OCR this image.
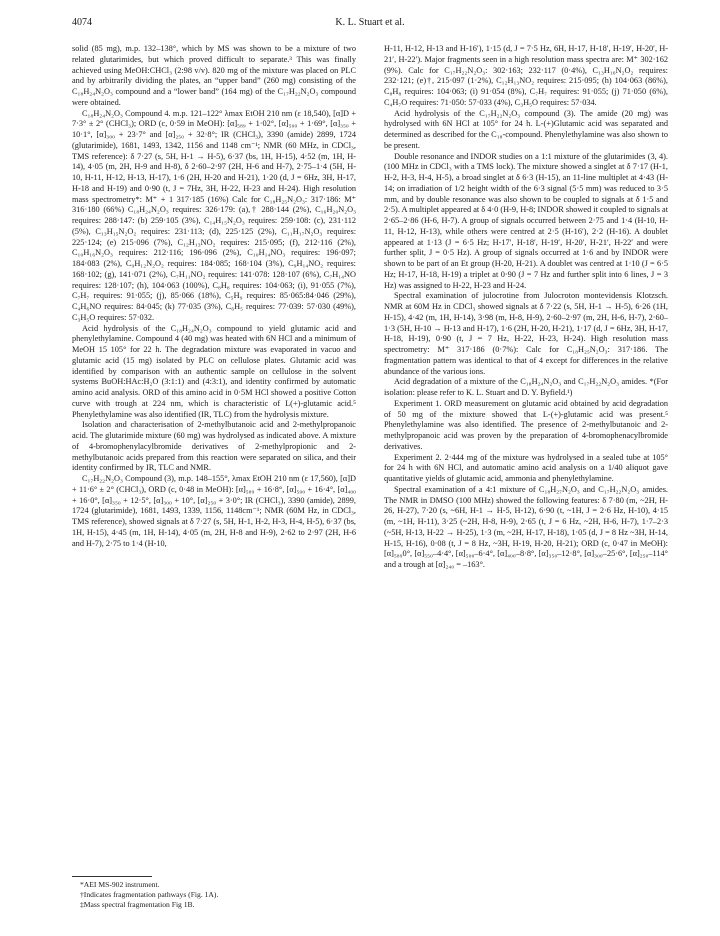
4074	K. L. Stuart et al.

solid (85 mg), m.p. 132–138°, which by MS was shown to be a mixture of two related glutarimides, but which proved difficult to separate.³ This was finally achieved using MeOH:CHCl₃ (2:98 v/v). 820 mg of the mixture was placed on PLC and by arbitrarily dividing the plates, an “upper band” (260 mg) consisting of the C₁₈H₂₄N₂O₃ compound and a “lower band” (164 mg) of the C₁₇H₂₂N₂O₃ compound were obtained.

C₁₈H₂₄N₂O₃ Compound 4. m.p. 121–122° λmax EtOH 210 nm (ε 18,540), [α]D + 7·3° ± 2° (CHCl₃); ORD (c, 0·59 in MeOH): [α]₅₈₉ + 1·02°, [α]₅₀₀ + 1·69°, [α]₃₅₀ + 10·1°, [α]₃₀₀ + 23·7° and [α]₂₅₀ + 32·8°; IR (CHCl₃), 3390 (amide) 2899, 1724 (glutarimide), 1681, 1493, 1342, 1156 and 1148 cm⁻¹; NMR (60 MHz, in CDCl₃, TMS reference): δ 7·27 (s, 5H, H-1 → H-5), 6·37 (bs, 1H, H-15), 4·52 (m, 1H, H-14), 4·05 (m, 2H, H-9 and H-8), δ 2·60–2·97 (2H, H-6 and H-7), 2·75–1·4 (5H, H-10, H-11, H-12, H-13, H-17), 1·6 (2H, H-20 and H-21), 1·20 (d, J = 6Hz, 3H, H-17, H-18 and H-19) and 0·90 (t, J = 7Hz, 3H, H-22, H-23 and H-24). High resolution mass spectrometry*: M⁺ + 1 317·185 (16%) Calc for C₁₈H₂₅N₂O₃: 317·186: M⁺ 316·180 (66%) C₁₈H₂₄N₂O₃ requires: 326·179: (a),† 288·144 (2%), C₁₆H₂₀N₂O₃ requires: 288·147: (b) 259·105 (3%), C₁₄H₁₅N₂O₃ requires: 259·108: (c), 231·112 (5%), C₁₃H₁₅N₂O₂ requires: 231·113; (d), 225·125 (2%), C₁₁H₁₇N₂O₃ requires: 225·124; (e) 215·096 (7%), C₁₂H₁₃NO₂ requires: 215·095; (f), 212·116 (2%), C₁₀H₁₆N₂O₃ requires: 212·116; 196·096 (2%), C₁₀H₁₄NO₃ requires: 196·097; 184·083 (2%), C₉H₁₂N₂O₂ requires: 184·085; 168·104 (3%), C₉H₁₄NO₂ requires: 168·102; (g), 141·071 (2%), C₇H₁₁NO₂ requires: 141·078: 128·107 (6%), C₇H₁₄NO requires: 128·107; (h), 104·063 (100%), C₈H₈ requires: 104·063; (i), 91·055 (7%), C₇H₇ requires: 91·055; (j), 85·066 (18%), C₅H₉ requires: 85·065:84·046 (29%), C₄H₆NO requires: 84·045; (k) 77·035 (3%), C₆H₅ requires: 77·039: 57·030 (49%), C₃H₅O requires: 57·032.

Acid hydrolysis of the C₁₈H₂₄N₂O₃ compound to yield glutamic acid and phenylethylamine. Compound 4 (40 mg) was heated with 6N HCl and a minimum of MeOH 15 105° for 22 h. The degradation mixture was evaporated in vacuo and glutamic acid (15 mg) isolated by PLC on cellulose plates. Glutamic acid was identified by comparison with an authentic sample on cellulose in the solvent systems BuOH:HAc:H₂O (3:1:1) and (4:3:1), and identity confirmed by automatic amino acid analysis. ORD of this amino acid in 0·5M HCl showed a positive Cotton curve with trough at 224 nm, which is characteristic of L(+)-glutamic acid.⁵ Phenylethylamine was also identified (IR, TLC) from the hydrolysis mixture.

Isolation and characterisation of 2-methylbutanoic acid and 2-methylpropanoic acid. The glutarimide mixture (60 mg) was hydrolysed as indicated above. A mixture of 4-bromophenylacylbromide derivatives of 2-methylpropionic and 2-methylbutanoic acids prepared from this reaction were separated on silica, and their identity confirmed by IR, TLC and NMR.

C₁₇H₂₂N₂O₃ Compound (3), m.p. 148–155°, λmax EtOH 210 nm (ε 17,560), [α]D + 11·6° ± 2° (CHCl₃), ORD (c, 0·48 in MeOH): [α]₅₈₉ + 16·8°, [α]₅₀₀ + 16·4°, [α]₄₀₀ + 16·0°, [α]₃₅₀ + 12·5°, [α]₃₀₀ + 10°, [α]₂₅₀ + 3·0°; IR (CHCl₃), 3390 (amide), 2899, 1724 (glutarimide), 1681, 1493, 1339, 1156, 1148cm⁻¹; NMR (60M Hz, in CDCl₃, TMS reference), showed signals at δ 7·27 (s, 5H, H-1, H-2, H-3, H-4, H-5), 6·37 (bs, 1H, H-15), 4·45 (m, 1H, H-14), 4·05 (m, 2H, H-8 and H-9), 2·62 to 2·97 (2H, H-6 and H-7), 2·75 to 1·4 (H-10,

H-11, H-12, H-13 and H-16′), 1·15 (d, J = 7·5 Hz, 6H, H-17, H-18′, H-19′, H-20′, H-21′, H-22′). Major fragments seen in a high resolution mass spectra are: M⁺ 302·162 (9%). Calc for C₁₇H₂₂N₂O₃: 302·163; 232·117 (0·4%), C₁₃H₁₆N₂O₂ requires: 232·121; (e)†, 215·097 (1·2%), C₁₂H₁₃NO₂ requires: 215·095; (h) 104·063 (86%), C₈H₈ requires: 104·063; (i) 91·054 (8%), C₇H₇ requires: 91·055; (j) 71·050 (6%), C₄H₇O requires: 71·050: 57·033 (4%), C₃H₅O requires: 57·034.

Acid hydrolysis of the C₁₇H₂₂N₂O₃ compound (3). The amide (20 mg) was hydrolysed with 6N HCl at 105° for 24 h. L-(+)Glutamic acid was separated and determined as described for the C₁₈-compound. Phenylethylamine was also shown to be present.

Double resonance and INDOR studies on a 1:1 mixture of the glutarimides (3, 4). (100 MHz in CDCl₃ with a TMS lock). The mixture showed a singlet at δ 7·17 (H-1, H-2, H-3, H-4, H-5), a broad singlet at δ 6·3 (H-15), an 11-line multiplet at 4·43 (H-14; on irradiation of 1/2 height width of the 6·3 signal (5·5 mm) was reduced to 3·5 mm, and by double resonance was also shown to be coupled to signals at δ 1·5 and 2·5). A multiplet appeared at δ 4·0 (H-9, H-8; INDOR showed it coupled to signals at 2·65–2·86 (H-6, H-7). A group of signals occurred between 2·75 and 1·4 (H-10, H-11, H-12, H-13), while others were centred at 2·5 (H-16′), 2·2 (H-16). A doublet appeared at 1·13 (J = 6·5 Hz; H-17′, H-18′, H-19′, H-20′, H-21′, H-22′ and were further split, J = 0·5 Hz). A group of signals occurred at 1·6 and by INDOR were shown to be part of an Et group (H-20, H-21). A doublet was centred at 1·10 (J = 6·5 Hz; H-17, H-18, H-19) a triplet at 0·90 (J = 7 Hz and further split into 6 lines, J = 3 Hz) was assigned to H-22, H-23 and H-24.

Spectral examination of julocrotine from Julocroton montevidensis Klotzsch. NMR at 60M Hz in CDCl₃ showed signals at δ 7·22 (s, 5H, H-1 → H-5), 6·26 (1H, H-15), 4·42 (m, 1H, H-14), 3·98 (m, H-8, H-9), 2·60–2·97 (m, 2H, H-6, H-7), 2·60–1·3 (5H, H-10 → H-13 and H-17), 1·6 (2H, H-20, H-21), 1·17 (d, J = 6Hz, 3H, H-17, H-18, H-19), 0·90 (t, J = 7 Hz, H-22, H-23, H-24). High resolution mass spectrometry: M⁺ 317·186 (0·7%): Calc for C₁₈H₂₅N₂O₃: 317·186. The fragmentation pattern was identical to that of 4 except for differences in the relative abundance of the various ions.

Acid degradation of a mixture of the C₁₈H₂₄N₂O₃ and C₁₇H₂₂N₂O₃ amides. *(For isolation: please refer to K. L. Stuart and D. Y. Byfield.¹)

Experiment 1. ORD measurement on glutamic acid obtained by acid degradation of 50 mg of the mixture showed that L-(+)-glutamic acid was present.⁵ Phenylethylamine was also identified. The presence of 2-methylbutanoic and 2-methylpropanoic acid was proven by the preparation of 4-bromophenacylbromide derivatives.

Experiment 2. 2·444 mg of the mixture was hydrolysed in a sealed tube at 105° for 24 h with 6N HCl, and automatic amino acid analysis on a 1/40 aliquot gave quantitative yields of glutamic acid, ammonia and phenylethylamine.

Spectral examination of a 4:1 mixture of C₁₈H₂₇N₂O₃ and C₁₇H₂₂N₂O₃ amides. The NMR in DMSO (100 MHz) showed the following features: δ 7·80 (m, ~2H, H-26, H-27), 7·20 (s, ~6H, H-1 → H-5, H-12), 6·90 (t, ~1H, J = 2·6 Hz, H-10), 4·15 (m, ~1H, H-11), 3·25 (~2H, H-8, H-9), 2·65 (t, J = 6 Hz, ~2H, H-6, H-7), 1·7–2·3 (~5H, H-13, H-22 → H-25), 1·3 (m, ~2H, H-17, H-18), 1·05 (d, J = 8 Hz ~3H, H-14, H-15, H-16), 0·08 (t, J = 8 Hz, ~3H, H-19, H-20, H-21); ORD (c, 0·47 in MeOH): [α]₅₈₉0°, [α]₅₅₀–4·4°, [α]₅₀₀–6·4°, [α]₄₀₀–8·8°, [α]₃₅₀–12·8°, [α]₃₀₀–25·6°, [α]₂₅₀–114° and a trough at [α]₂₄₀ = –163°.

*AEI MS-902 instrument.
†Indicates fragmentation pathways (Fig. 1A).
‡Mass spectral fragmentation Fig 1B.
